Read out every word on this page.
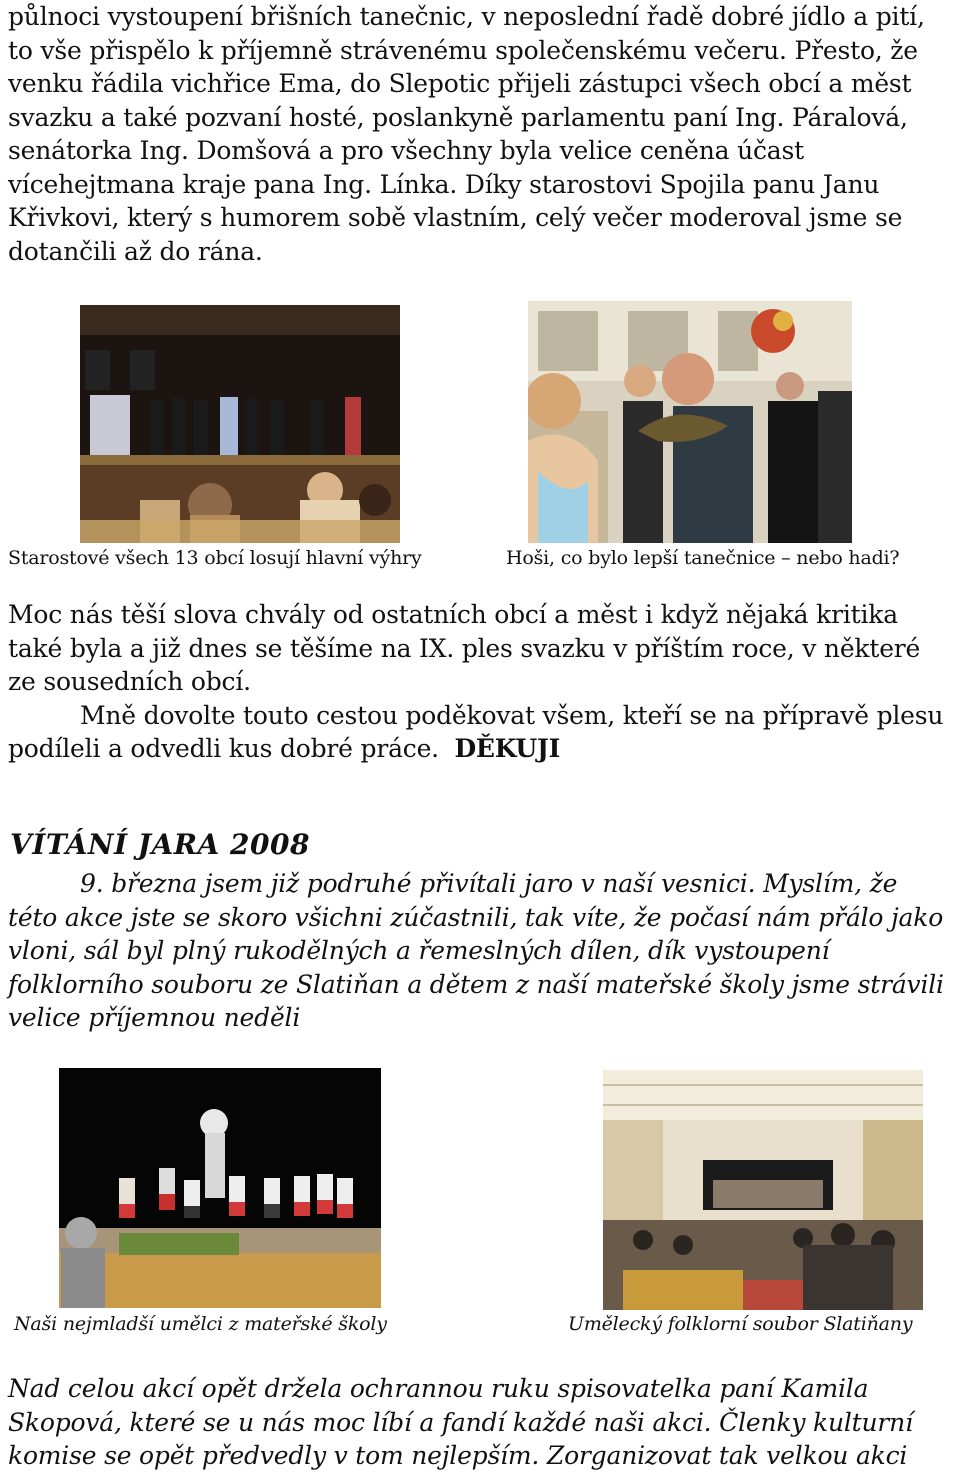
půlnoci vystoupení břišních tanečnic, v neposlední řadě dobré jídlo a pití, to vše přispělo k příjemně strávenému společenskému večeru. Přesto, že venku řádila vichřice Ema, do Slepotic přijeli zástupci všech obcí a měst svazku a také pozvaní hosté, poslankyně parlamentu paní Ing. Páralová, senátorka Ing. Domšová a pro všechny byla velice ceněna účast vícehejtmana kraje pana Ing. Línka. Díky starostovi Spojila panu Janu Křivkovi, který s humorem sobě vlastním, celý večer moderoval jsme se dotančili až do rána.

Starostové všech 13 obcí losují hlavní výhry	Hoši, co bylo lepší tanečnice – nebo hadi?

Moc nás těší slova chvály od ostatních obcí a měst i když nějaká kritika také byla a již dnes se těšíme na IX. ples svazku v příštím roce, v některé ze sousedních obcí.
Mně dovolte touto cestou poděkovat všem, kteří se na přípravě plesu podíleli a odvedli kus dobré práce. DĚKUJI

VÍTÁNÍ JARA 2008

9. března jsem již podruhé přivítali jaro v naší vesnici. Myslím, že této akce jste se skoro všichni zúčastnili, tak víte, že počasí nám přálo jako vloni, sál byl plný rukodělných a řemeslných dílen, dík vystoupení folklorního souboru ze Slatiňan a dětem z naší mateřské školy jsme strávili velice příjemnou neděli

Naši nejmladší umělci z mateřské školy	Umělecký folklorní soubor Slatiňany

Nad celou akcí opět držela ochrannou ruku spisovatelka paní Kamila Skopová, které se u nás moc líbí a fandí každé naši akci. Členky kulturní komise se opět předvedly v tom nejlepším. Zorganizovat tak velkou akci
